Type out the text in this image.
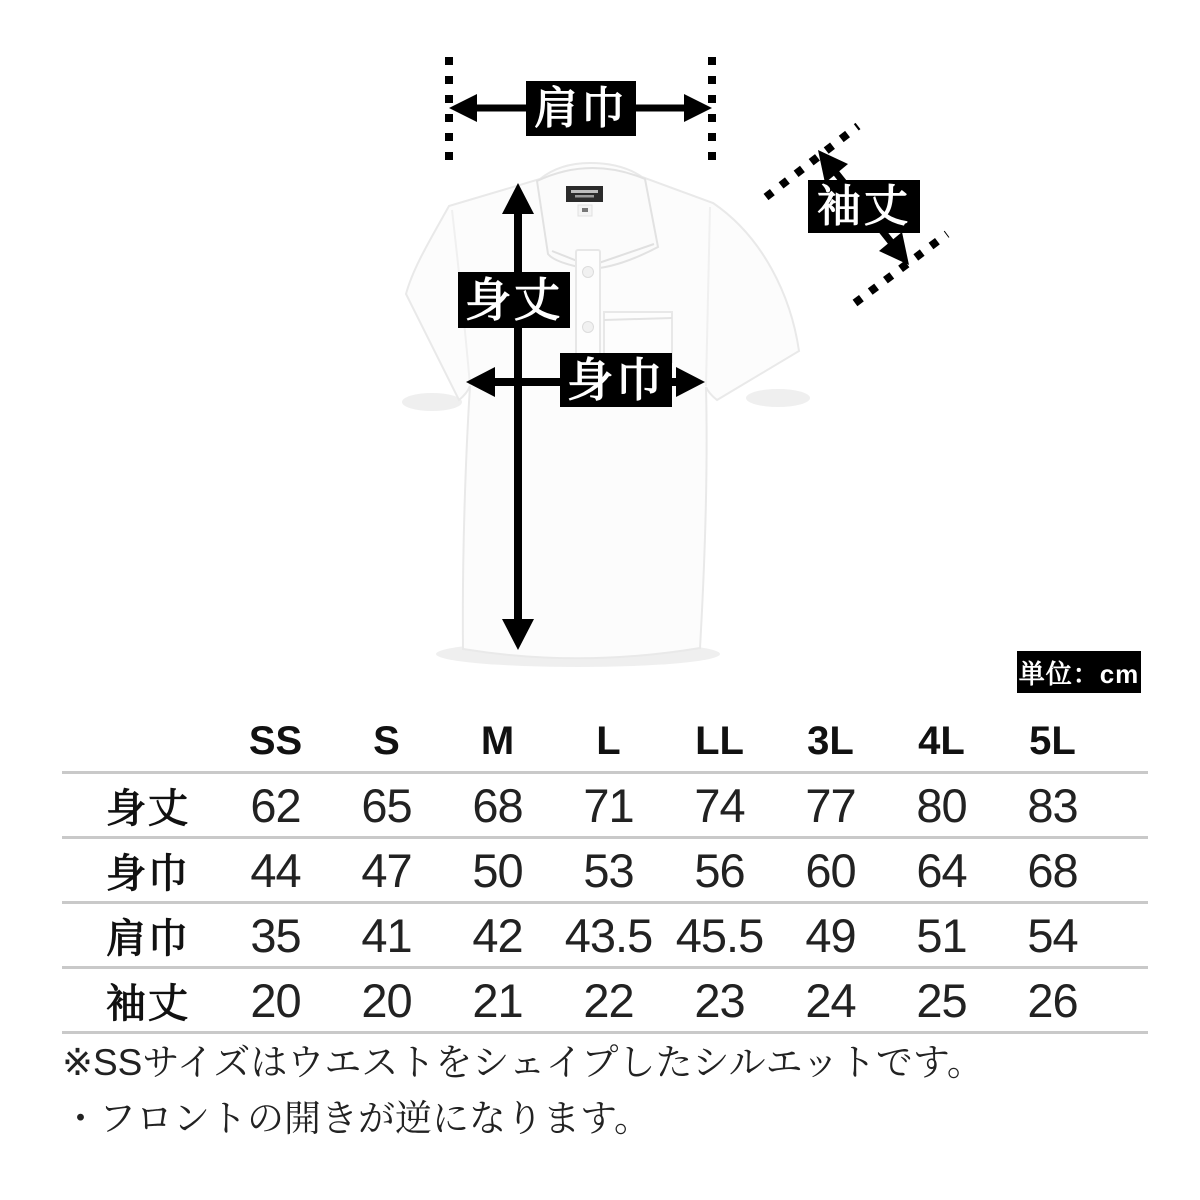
肩巾
袖丈
身丈
身巾
単位：cm
SS	S	M	L	LL	3L	4L	5L
身丈	62	65	68	71	74	77	80	83
身巾	44	47	50	53	56	60	64	68
肩巾	35	41	42 43.5 45.5 49	51	54
袖丈	20	20	21	22	23	24	25	26
※SSサイズはウエストをシェイプしたシルエットです。
・フロントの開きが逆になります。
